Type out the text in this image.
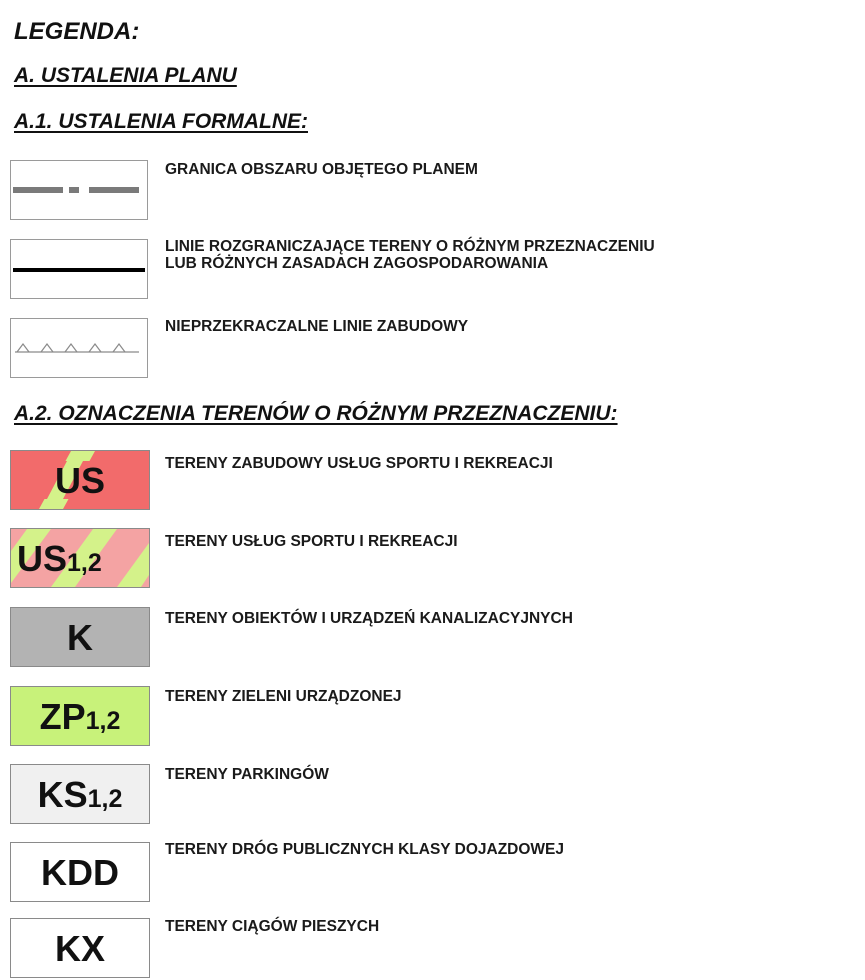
LEGENDA:
A. USTALENIA PLANU
A.1. USTALENIA FORMALNE:
A.2. OZNACZENIA TERENÓW O RÓŻNYM PRZEZNACZENIU:
GRANICA OBSZARU OBJĘTEGO PLANEM
LINIE ROZGRANICZAJĄCE TERENY O RÓŻNYM PRZEZNACZENIU
LUB RÓŻNYCH ZASADACH ZAGOSPODAROWANIA
NIEPRZEKRACZALNE LINIE ZABUDOWY
US	TERENY ZABUDOWY USŁUG SPORTU I REKREACJI
US1,2
TERENY USŁUG SPORTU I REKREACJI
K	TERENY OBIEKTÓW I URZĄDZEŃ KANALIZACYJNYCH
ZP1,2
TERENY ZIELENI URZĄDZONEJ
KS1,2
TERENY PARKINGÓW
KDD
TERENY DRÓG PUBLICZNYCH KLASY DOJAZDOWEJ
KX
TERENY CIĄGÓW PIESZYCH
